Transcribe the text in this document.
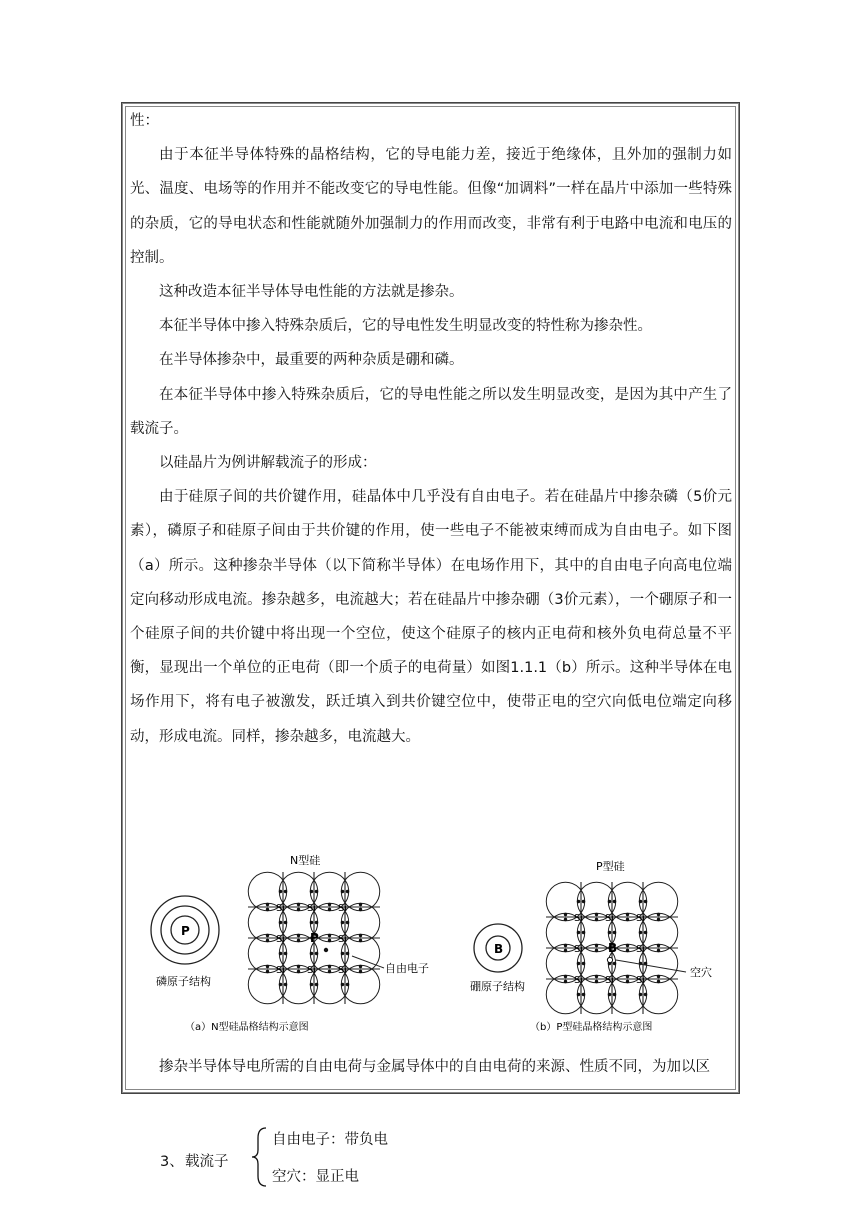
性：

由于本征半导体特殊的晶格结构，它的导电能力差，接近于绝缘体，且外加的强制力如光、温度、电场等的作用并不能改变它的导电性能。但像“加调料”一样在晶片中添加一些特殊的杂质，它的导电状态和性能就随外加强制力的作用而改变，非常有利于电路中电流和电压的控制。

这种改造本征半导体导电性能的方法就是掺杂。

本征半导体中掺入特殊杂质后，它的导电性发生明显改变的特性称为掺杂性。

在半导体掺杂中，最重要的两种杂质是硼和磷。

在本征半导体中掺入特殊杂质后，它的导电性能之所以发生明显改变，是因为其中产生了载流子。

以硅晶片为例讲解载流子的形成：

由于硅原子间的共价键作用，硅晶体中几乎没有自由电子。若在硅晶片中掺杂磷（5价元素），磷原子和硅原子间由于共价键的作用，使一些电子不能被束缚而成为自由电子。如下图（a）所示。这种掺杂半导体（以下简称半导体）在电场作用下，其中的自由电子向高电位端定向移动形成电流。掺杂越多，电流越大；若在硅晶片中掺杂硼（3价元素），一个硼原子和一个硅原子间的共价键中将出现一个空位，使这个硅原子的核内正电荷和核外负电荷总量不平衡，显现出一个单位的正电荷（即一个质子的电荷量）如图1.1.1（b）所示。这种半导体在电场作用下，将有电子被激发，跃迁填入到共价键空位中，使带正电的空穴向低电位端定向移动，形成电流。同样，掺杂越多，电流越大。

N型硅
P
磷原子结构
Si
Si
Si
Si
P
Si
Si
Si
Si	自由电子
（a）N型硅晶格结构示意图
P型硅
B
硼原子结构
Si
Si
Si
Si
B
Si
Si
Si
Si
空穴
（b）P型硅晶格结构示意图
掺杂半导体导电所需的自由电荷与金属导体中的自由电荷的来源、性质不同，为加以区
3、 载流子
自由电子：带负电
空穴：显正电
